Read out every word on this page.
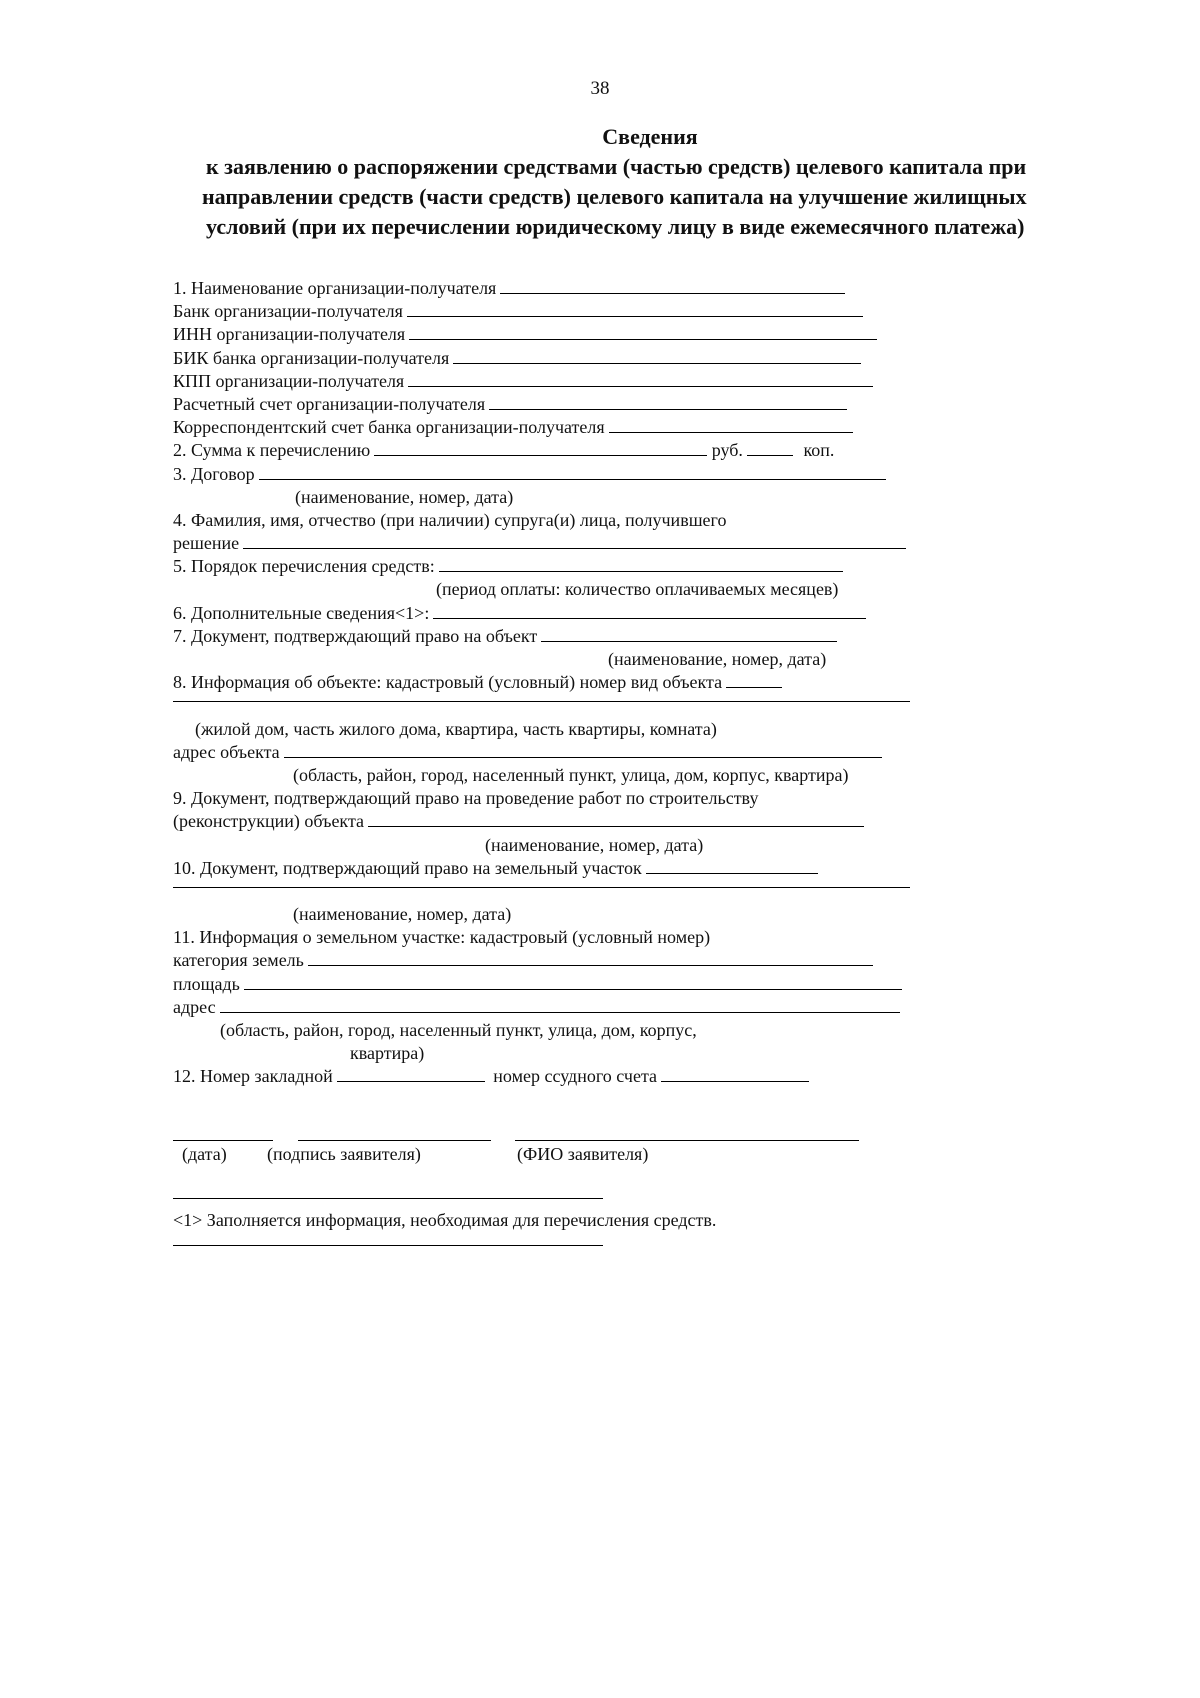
38
Сведения
к заявлению о распоряжении средствами (частью средств) целевого капитала при
направлении средств (части средств) целевого капитала на улучшение жилищных
условий (при их перечислении юридическому лицу в виде ежемесячного платежа)
1. Наименование организации-получателя
Банк организации-получателя
ИНН организации-получателя
БИК банка организации-получателя
КПП организации-получателя
Расчетный счет организации-получателя
Корреспондентский счет банка организации-получателя
2. Сумма к перечислению	руб.	коп.
3. Договор
(наименование, номер, дата)
4. Фамилия, имя, отчество (при наличии) супруга(и) лица, получившего
решение
5. Порядок перечисления средств:
(период оплаты: количество оплачиваемых месяцев)
6. Дополнительные сведения<1>:
7. Документ, подтверждающий право на объект
(наименование, номер, дата)
8. Информация об объекте: кадастровый (условный) номер вид объекта
(жилой дом, часть жилого дома, квартира, часть квартиры, комната)
адрес объекта
(область, район, город, населенный пункт, улица, дом, корпус, квартира)
9. Документ, подтверждающий право на проведение работ по строительству
(реконструкции) объекта
(наименование, номер, дата)
10. Документ, подтверждающий право на земельный участок
(наименование, номер, дата)
11. Информация о земельном участке: кадастровый (условный номер)
категория земель
площадь
адрес
(область, район, город, населенный пункт, улица, дом, корпус,
квартира)
12. Номер закладной	номер ссудного счета
(дата) (подпись заявителя)	(ФИО заявителя)
<1> Заполняется информация, необходимая для перечисления средств.
